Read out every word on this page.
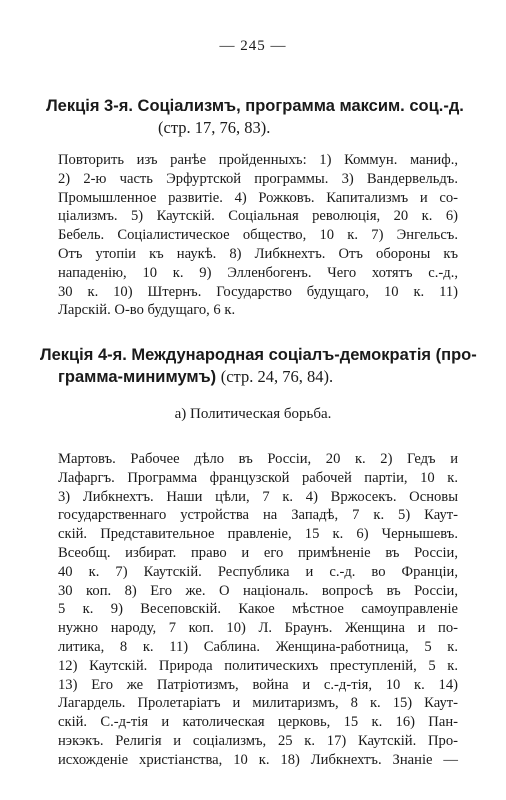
— 245 —
Лекція 3-я. Соціализмъ, программа максим. соц.-д.
(стр. 17, 76, 83).
Повторить изъ ранѣе пройденныхъ: 1) Коммун. маниф.,
2) 2-ю часть Эрфуртской программы. 3) Вандервельдъ.
Промышленное развитіе. 4) Рожковъ. Капитализмъ и со-
ціализмъ. 5) Каутскій. Соціальная революція, 20 к. 6)
Бебель. Соціалистическое общество, 10 к. 7) Энгельсъ.
Отъ утопіи къ наукѣ. 8) Либкнехтъ. Отъ обороны къ
нападенію, 10 к. 9) Элленбогенъ. Чего хотятъ с.-д.,
30 к. 10) Штернъ. Государство будущаго, 10 к. 11)
Ларскій. О-во будущаго, 6 к.
Лекція 4-я. Международная соціалъ-демократія (про-
грамма-минимумъ) (стр. 24, 76, 84).
а) Политическая борьба.
Мартовъ. Рабочее дѣло въ Россіи, 20 к. 2) Гедъ и
Лафаргъ. Программа французской рабочей партіи, 10 к.
3) Либкнехтъ. Наши цѣли, 7 к. 4) Вржосекъ. Основы
государственнаго устройства на Западѣ, 7 к. 5) Каут-
скій. Представительное правленіе, 15 к. 6) Чернышевъ.
Всеобщ. избират. право и его примѣненіе въ Россіи,
40 к. 7) Каутскій. Республика и с.-д. во Франціи,
30 коп. 8) Его же. О національ. вопросѣ въ Россіи,
5 к. 9) Весеповскій. Какое мѣстное самоуправленіе
нужно народу, 7 коп. 10) Л. Браунъ. Женщина и по-
литика, 8 к. 11) Саблина. Женщина-работница, 5 к.
12) Каутскій. Природа политическихъ преступленій, 5 к.
13) Его же Патріотизмъ, война и с.-д-тія, 10 к. 14)
Лагардель. Пролетаріатъ и милитаризмъ, 8 к. 15) Каут-
скій. С.-д-тія и католическая церковь, 15 к. 16) Пан-
нэкэкъ. Религія и соціализмъ, 25 к. 17) Каутскій. Про-
исхожденіе христіанства, 10 к. 18) Либкнехтъ. Знаніе —
